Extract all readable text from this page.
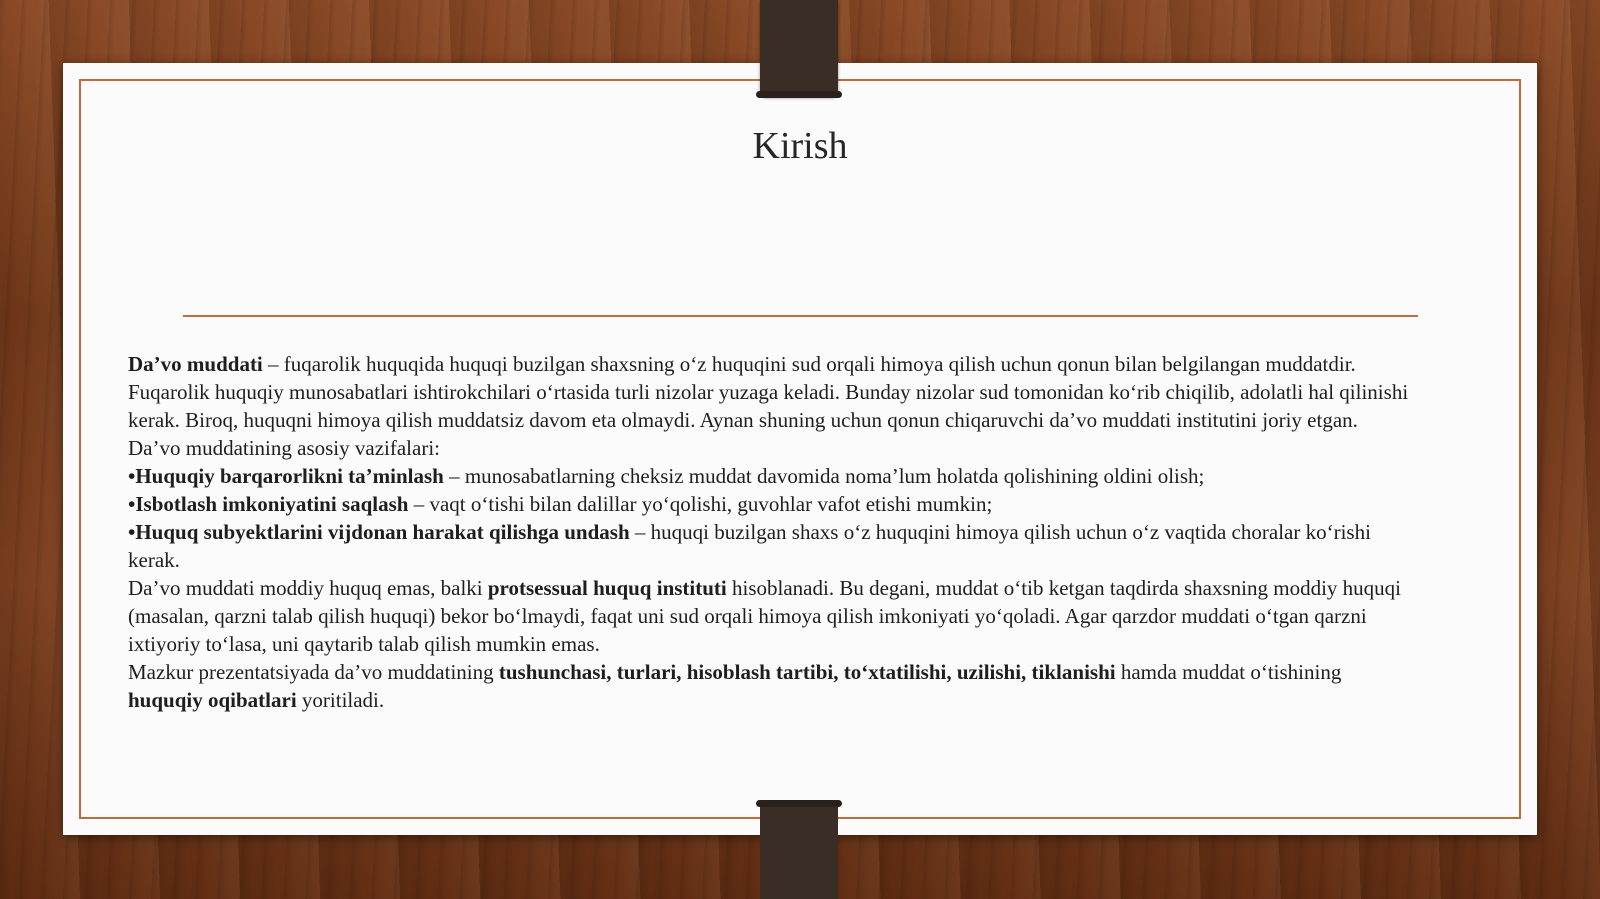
Kirish

Da’vo muddati – fuqarolik huquqida huquqi buzilgan shaxsning o‘z huquqini sud orqali himoya qilish uchun qonun bilan belgilangan muddatdir.

Fuqarolik huquqiy munosabatlari ishtirokchilari o‘rtasida turli nizolar yuzaga keladi. Bunday nizolar sud tomonidan ko‘rib chiqilib, adolatli hal qilinishi kerak. Biroq, huquqni himoya qilish muddatsiz davom eta olmaydi. Aynan shuning uchun qonun chiqaruvchi da’vo muddati institutini joriy etgan.

Da’vo muddatining asosiy vazifalari:

•Huquqiy barqarorlikni ta’minlash – munosabatlarning cheksiz muddat davomida noma’lum holatda qolishining oldini olish;

•Isbotlash imkoniyatini saqlash – vaqt o‘tishi bilan dalillar yo‘qolishi, guvohlar vafot etishi mumkin;

•Huquq subyektlarini vijdonan harakat qilishga undash – huquqi buzilgan shaxs o‘z huquqini himoya qilish uchun o‘z vaqtida choralar ko‘rishi kerak.

Da’vo muddati moddiy huquq emas, balki protsessual huquq instituti hisoblanadi. Bu degani, muddat o‘tib ketgan taqdirda shaxsning moddiy huquqi (masalan, qarzni talab qilish huquqi) bekor bo‘lmaydi, faqat uni sud orqali himoya qilish imkoniyati yo‘qoladi. Agar qarzdor muddati o‘tgan qarzni ixtiyoriy to‘lasa, uni qaytarib talab qilish mumkin emas.

Mazkur prezentatsiyada da’vo muddatining tushunchasi, turlari, hisoblash tartibi, to‘xtatilishi, uzilishi, tiklanishi hamda muddat o‘tishining huquqiy oqibatlari yoritiladi.
